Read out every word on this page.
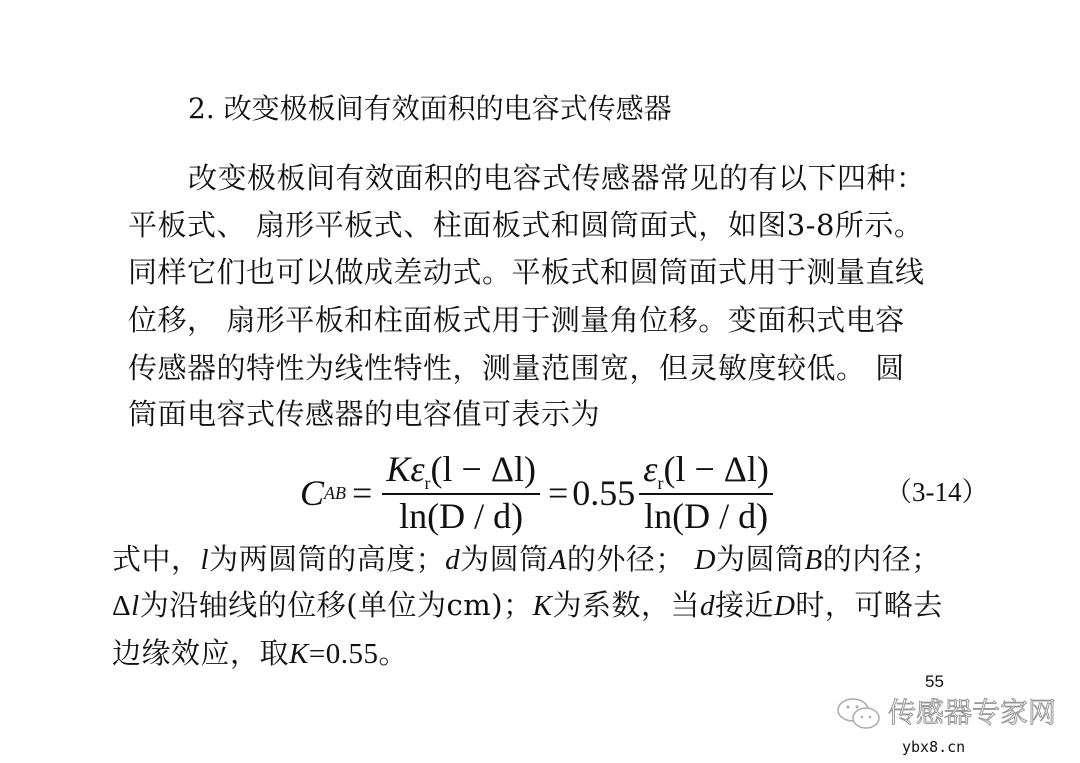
2. 改变极板间有效面积的电容式传感器
改变极板间有效面积的电容式传感器常见的有以下四种：
平板式、 扇形平板式、柱面板式和圆筒面式，如图3-8所示。
同样它们也可以做成差动式。平板式和圆筒面式用于测量直线
位移， 扇形平板和柱面板式用于测量角位移。变面积式电容
传感器的特性为线性特性，测量范围宽，但灵敏度较低。 圆
筒面电容式传感器的电容值可表示为
C AB = $\frac{K\varepsilon_r(l - \Delta l)}{\ln(D / d)} = 0.55 \frac{\varepsilon_r(l - \Delta l)}{\ln(D / d)}$	（3-14）
式中，l为两圆筒的高度；d为圆筒A的外径； D为圆筒B的内径；
Δl为沿轴线的位移(单位为cm)；K为系数，当d接近D时，可略去
边缘效应，取K=0.55。
55
传感器专家网
ybx8.cn
